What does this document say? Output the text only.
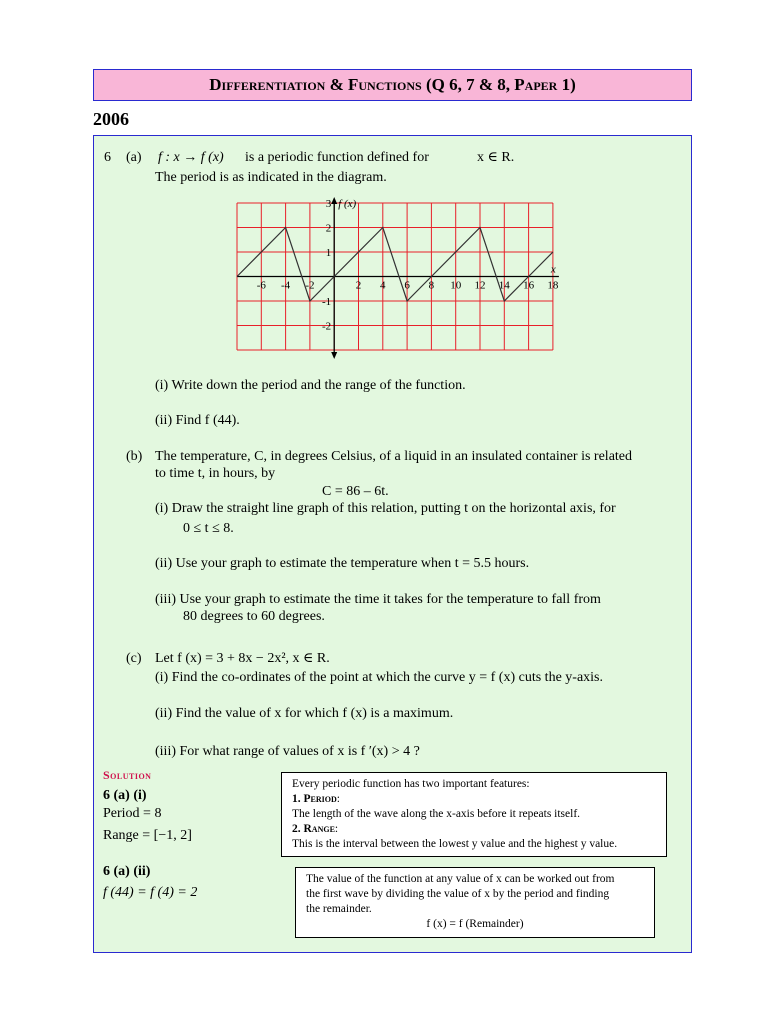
Differentiation & Functions (Q 6, 7 & 8, Paper 1)
2006
6 (a) f : x → f (x) is a periodic function defined for	x ∈ R.
The period is as indicated in the diagram.
-6 -4 -2	2 4 6 8 10 12 14 16 18
3
2
1
-1
-2
x
f (x)
(i) Write down the period and the range of the function.
(ii) Find f (44).
(b) The temperature, C, in degrees Celsius, of a liquid in an insulated container is related
to time t, in hours, by
C = 86 – 6t.
(i) Draw the straight line graph of this relation, putting t on the horizontal axis, for
0 ≤ t ≤ 8.
(ii) Use your graph to estimate the temperature when t = 5.5 hours.
(iii) Use your graph to estimate the time it takes for the temperature to fall from
80 degrees to 60 degrees.
(c) Let f (x) = 3 + 8x − 2x², x ∈ R.
(i) Find the co-ordinates of the point at which the curve y = f (x) cuts the y-axis.
(ii) Find the value of x for which f (x) is a maximum.
(iii) For what range of values of x is f ′(x) > 4 ?
Solution
6 (a) (i)
Period = 8
Range = [−1, 2]
6 (a) (ii)
f (44) = f (4) = 2
Every periodic function has two important features:
1. Period:
The length of the wave along the x-axis before it repeats itself.
2. Range:
This is the interval between the lowest y value and the highest y value.
The value of the function at any value of x can be worked out from
the first wave by dividing the value of x by the period and finding
the remainder.
f (x) = f (Remainder)
